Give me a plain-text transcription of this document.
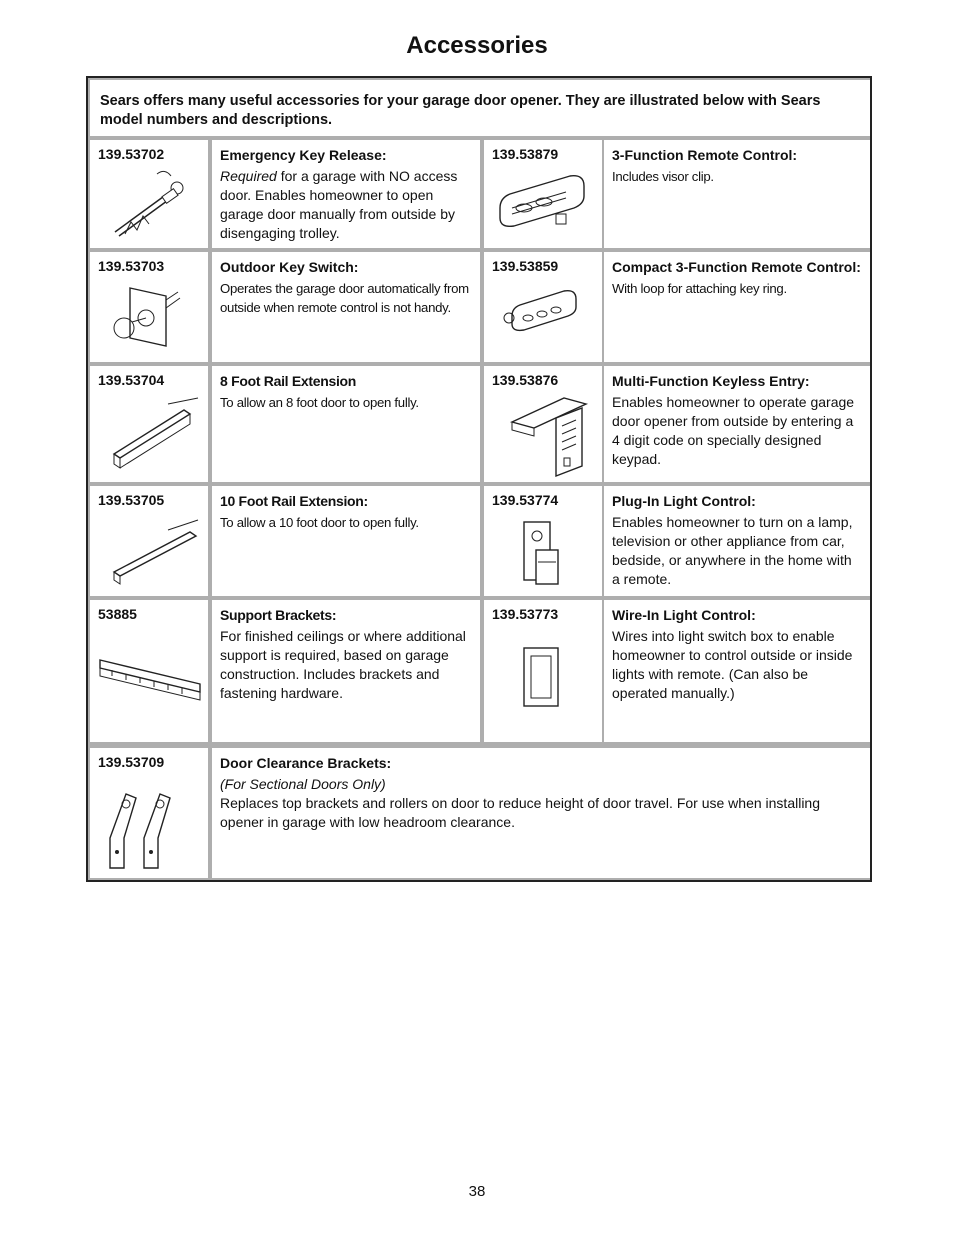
Accessories
Sears offers many useful accessories for your garage door opener. They are illustrated below with Sears model numbers and descriptions.
139.53702	Emergency Key Release:
Required for a garage with NO access door. Enables homeowner to open garage door manually from outside by disengaging trolley.
139.53879	3-Function Remote Control:
Includes visor clip.
139.53703	Outdoor Key Switch:
Operates the garage door automatically from outside when remote control is not handy.
139.53859	Compact 3-Function Remote Control:
With loop for attaching key ring.
139.53704	8 Foot Rail Extension
To allow an 8 foot door to open fully.
139.53876	Multi-Function Keyless Entry:
Enables homeowner to operate garage door opener from outside by entering a 4 digit code on specially designed keypad.
139.53705	10 Foot Rail Extension:
To allow a 10 foot door to open fully.
139.53774	Plug-In Light Control:
Enables homeowner to turn on a lamp, television or other appliance from car, bedside, or anywhere in the home with a remote.
53885	Support Brackets:
For finished ceilings or where additional support is required, based on garage construction. Includes brackets and fastening hardware.
139.53773	Wire-In Light Control:
Wires into light switch box to enable homeowner to control outside or inside lights with remote. (Can also be operated manually.)
139.53709	Door Clearance Brackets:
(For Sectional Doors Only)
Replaces top brackets and rollers on door to reduce height of door travel. For use when installing opener in garage with low headroom clearance.
38
